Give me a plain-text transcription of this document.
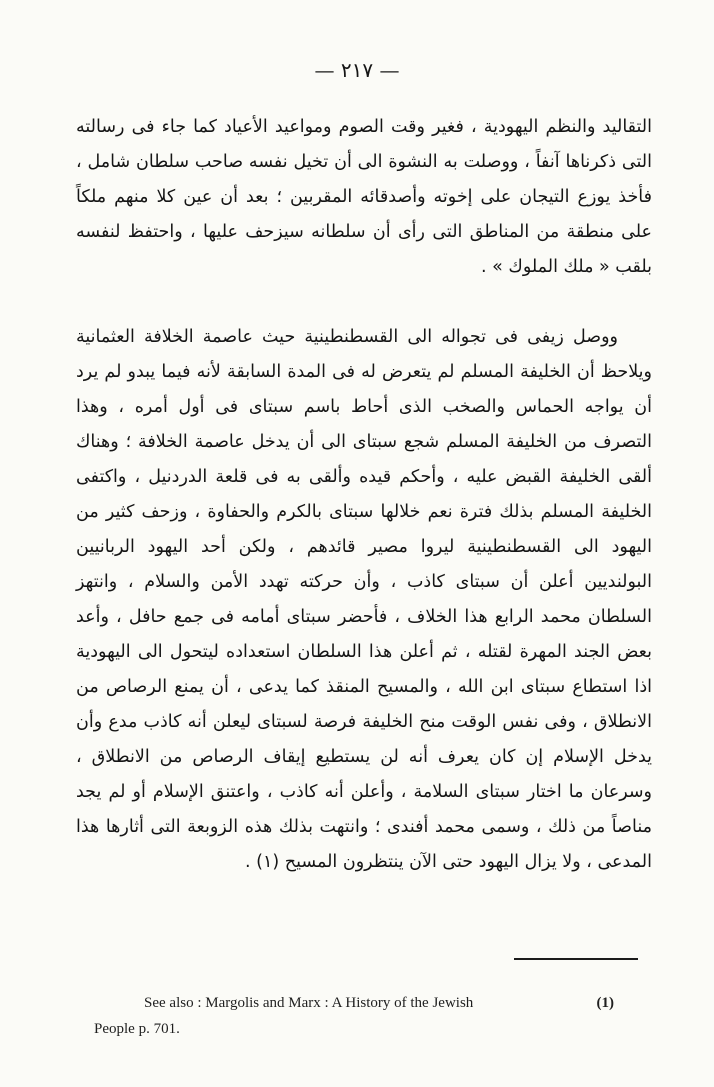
— ٢١٧ —

التقاليد والنظم اليهودية ، فغير وقت الصوم ومواعيد الأعياد كما جاء فى رسالته التى ذكرناها آنفاً ، ووصلت به النشوة الى أن تخيل نفسه صاحب سلطان شامل ، فأخذ يوزع التيجان على إخوته وأصدقائه المقربين ؛ بعد أن عين كلا منهم ملكاً على منطقة من المناطق التى رأى أن سلطانه سيزحف عليها ، واحتفظ لنفسه بلقب « ملك الملوك » .

ووصل زيفى فى تجواله الى القسطنطينية حيث عاصمة الخلافة العثمانية ويلاحظ أن الخليفة المسلم لم يتعرض له فى المدة السابقة لأنه فيما يبدو لم يرد أن يواجه الحماس والصخب الذى أحاط باسم سبتاى فى أول أمره ، وهذا التصرف من الخليفة المسلم شجع سبتاى الى أن يدخل عاصمة الخلافة ؛ وهناك ألقى الخليفة القبض عليه ، وأحكم قيده وألقى به فى قلعة الدردنيل ، واكتفى الخليفة المسلم بذلك فترة نعم خلالها سبتاى بالكرم والحفاوة ، وزحف كثير من اليهود الى القسطنطينية ليروا مصير قائدهم ، ولكن أحد اليهود الربانيين البولنديين أعلن أن سبتاى كاذب ، وأن حركته تهدد الأمن والسلام ، وانتهز السلطان محمد الرابع هذا الخلاف ، فأحضر سبتاى أمامه فى جمع حافل ، وأعد بعض الجند المهرة لقتله ، ثم أعلن هذا السلطان استعداده ليتحول الى اليهودية اذا استطاع سبتاى ابن الله ، والمسيح المنقذ كما يدعى ، أن يمنع الرصاص من الانطلاق ، وفى نفس الوقت منح الخليفة فرصة لسبتاى ليعلن أنه كاذب مدع وأن يدخل الإسلام إن كان يعرف أنه لن يستطيع إيقاف الرصاص من الانطلاق ، وسرعان ما اختار سبتاى السلامة ، وأعلن أنه كاذب ، واعتنق الإسلام أو لم يجد مناصاً من ذلك ، وسمى محمد أفندى ؛ وانتهت بذلك هذه الزوبعة التى أثارها هذا المدعى ، ولا يزال اليهود حتى الآن ينتظرون المسيح (١) .

See also : Margolis and Marx : A History of the Jewish	(1)
People p. 701.
